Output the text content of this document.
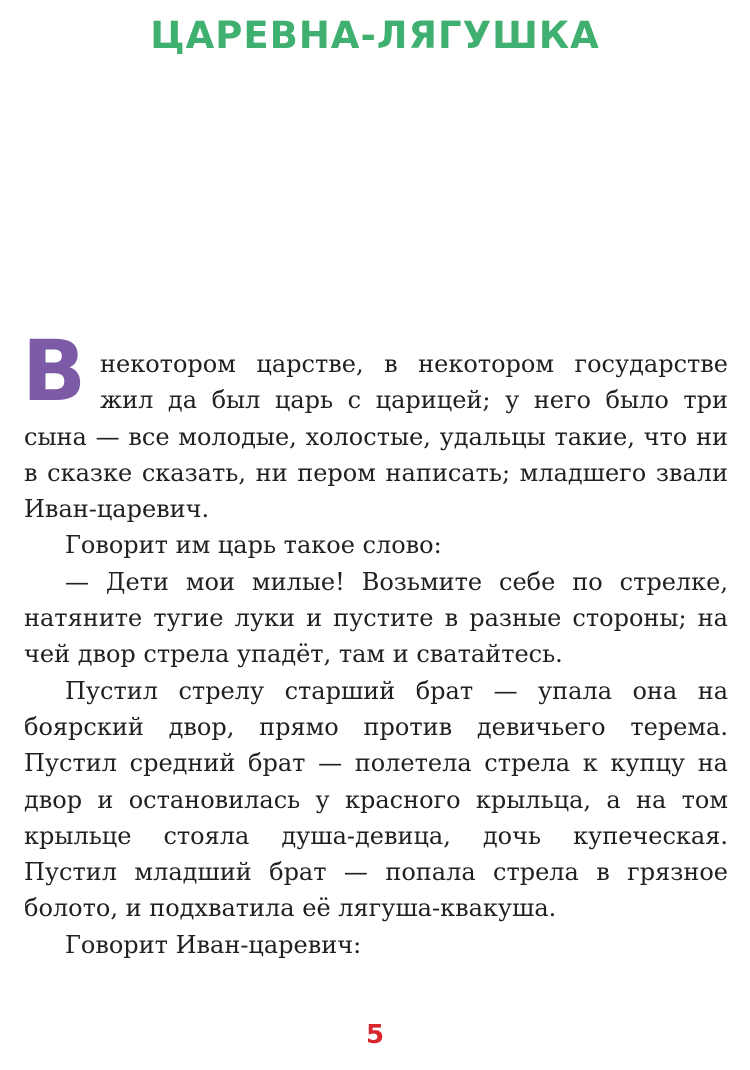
ЦАРЕВНА-ЛЯГУШКА

В некотором царстве, в некотором государстве жил да был царь с царицей; у него было три сына — все молодые, холостые, удальцы такие, что ни в сказке сказать, ни пером написать; младшего звали Иван-царевич.

Говорит им царь такое слово:

— Дети мои милые! Возьмите себе по стрелке, натяните тугие луки и пустите в разные стороны; на чей двор стрела упадёт, там и сватайтесь.

Пустил стрелу старший брат — упала она на боярский двор, прямо против девичьего терема. Пустил средний брат — полетела стрела к купцу на двор и остановилась у красного крыльца, а на том крыльце стояла душа-девица, дочь купеческая. Пустил младший брат — попала стрела в грязное болото, и подхватила её лягуша-квакуша.

Говорит Иван-царевич:

5
